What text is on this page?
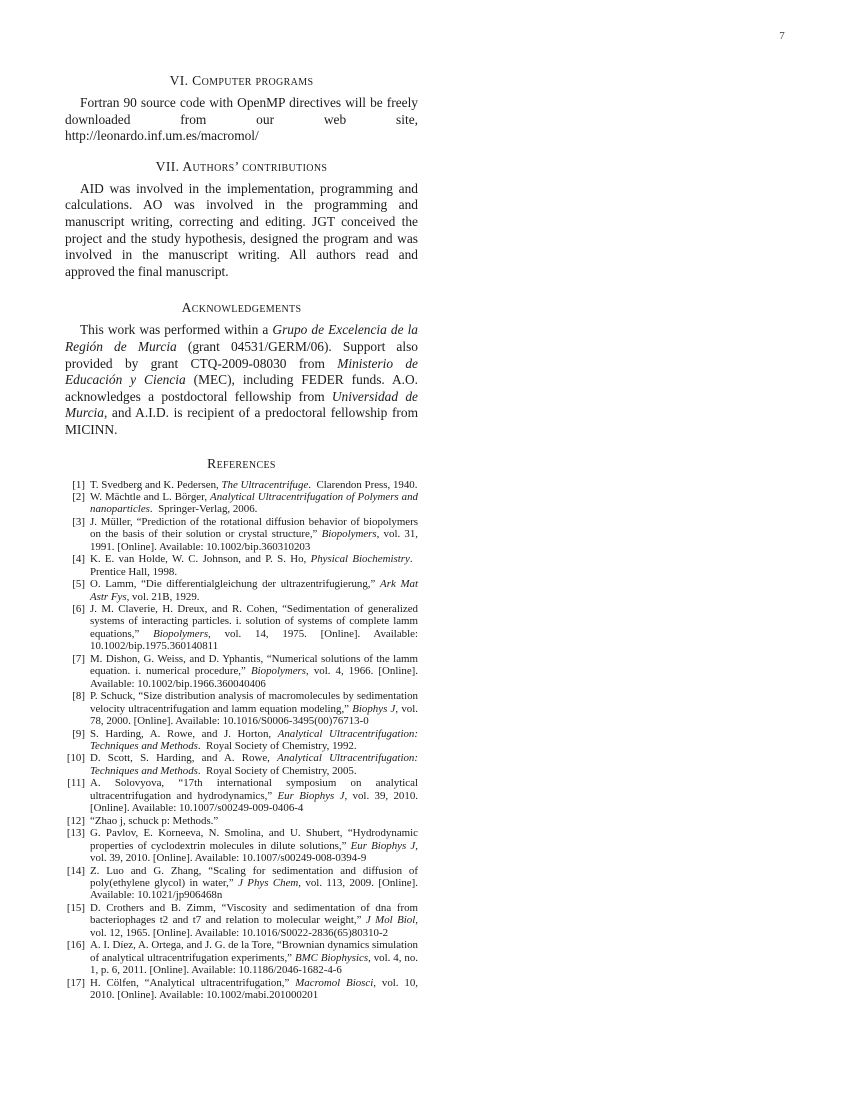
7
VI. Computer programs

Fortran 90 source code with OpenMP directives will be freely downloaded from our web site, http://leonardo.inf.um.es/macromol/

VII. Authors’ contributions

AID was involved in the implementation, programming and calculations. AO was involved in the programming and manuscript writing, correcting and editing. JGT conceived the project and the study hypothesis, designed the program and was involved in the manuscript writing. All authors read and approved the final manuscript.

Acknowledgements

This work was performed within a Grupo de Excelencia de la Región de Murcia (grant 04531/GERM/06). Support also provided by grant CTQ-2009-08030 from Ministerio de Educación y Ciencia (MEC), including FEDER funds. A.O. acknowledges a postdoctoral fellowship from Universidad de Murcia, and A.I.D. is recipient of a predoctoral fellowship from MICINN.

References
[1] T. Svedberg and K. Pedersen, The Ultracentrifuge. Clarendon Press, 1940.
[2] W. Mächtle and L. Börger, Analytical Ultracentrifugation of Polymers and nanoparticles. Springer-Verlag, 2006.
[3] J. Müller, “Prediction of the rotational diffusion behavior of biopolymers on the basis of their solution or crystal structure,” Biopolymers, vol. 31, 1991. [Online]. Available: 10.1002/bip.360310203
[4] K. E. van Holde, W. C. Johnson, and P. S. Ho, Physical Biochemistry. Prentice Hall, 1998.
[5] O. Lamm, “Die differentialgleichung der ultrazentrifugierung,” Ark Mat Astr Fys, vol. 21B, 1929.
[6] J. M. Claverie, H. Dreux, and R. Cohen, “Sedimentation of generalized systems of interacting particles. i. solution of systems of complete lamm equations,” Biopolymers, vol. 14, 1975. [Online]. Available: 10.1002/bip.1975.360140811
[7] M. Dishon, G. Weiss, and D. Yphantis, “Numerical solutions of the lamm equation. i. numerical procedure,” Biopolymers, vol. 4, 1966. [Online]. Available: 10.1002/bip.1966.360040406
[8] P. Schuck, “Size distribution analysis of macromolecules by sedimentation velocity ultracentrifugation and lamm equation modeling,” Biophys J, vol. 78, 2000. [Online]. Available: 10.1016/S0006-3495(00)76713-0
[9] S. Harding, A. Rowe, and J. Horton, Analytical Ultracentrifugation: Techniques and Methods. Royal Society of Chemistry, 1992.
[10] D. Scott, S. Harding, and A. Rowe, Analytical Ultracentrifugation: Techniques and Methods. Royal Society of Chemistry, 2005.
[11] A. Solovyova, “17th international symposium on analytical ultracentrifugation and hydrodynamics,” Eur Biophys J, vol. 39, 2010. [Online]. Available: 10.1007/s00249-009-0406-4
[12] “Zhao j, schuck p: Methods.”
[13] G. Pavlov, E. Korneeva, N. Smolina, and U. Shubert, “Hydrodynamic properties of cyclodextrin molecules in dilute solutions,” Eur Biophys J, vol. 39, 2010. [Online]. Available: 10.1007/s00249-008-0394-9
[14] Z. Luo and G. Zhang, “Scaling for sedimentation and diffusion of poly(ethylene glycol) in water,” J Phys Chem, vol. 113, 2009. [Online]. Available: 10.1021/jp906468n
[15] D. Crothers and B. Zimm, “Viscosity and sedimentation of dna from bacteriophages t2 and t7 and relation to molecular weight,” J Mol Biol, vol. 12, 1965. [Online]. Available: 10.1016/S0022-2836(65)80310-2
[16] A. I. Díez, A. Ortega, and J. G. de la Tore, “Brownian dynamics simulation of analytical ultracentrifugation experiments,” BMC Biophysics, vol. 4, no. 1, p. 6, 2011. [Online]. Available: 10.1186/2046-1682-4-6
[17] H. Cölfen, “Analytical ultracentrifugation,” Macromol Biosci, vol. 10, 2010. [Online]. Available: 10.1002/mabi.201000201
